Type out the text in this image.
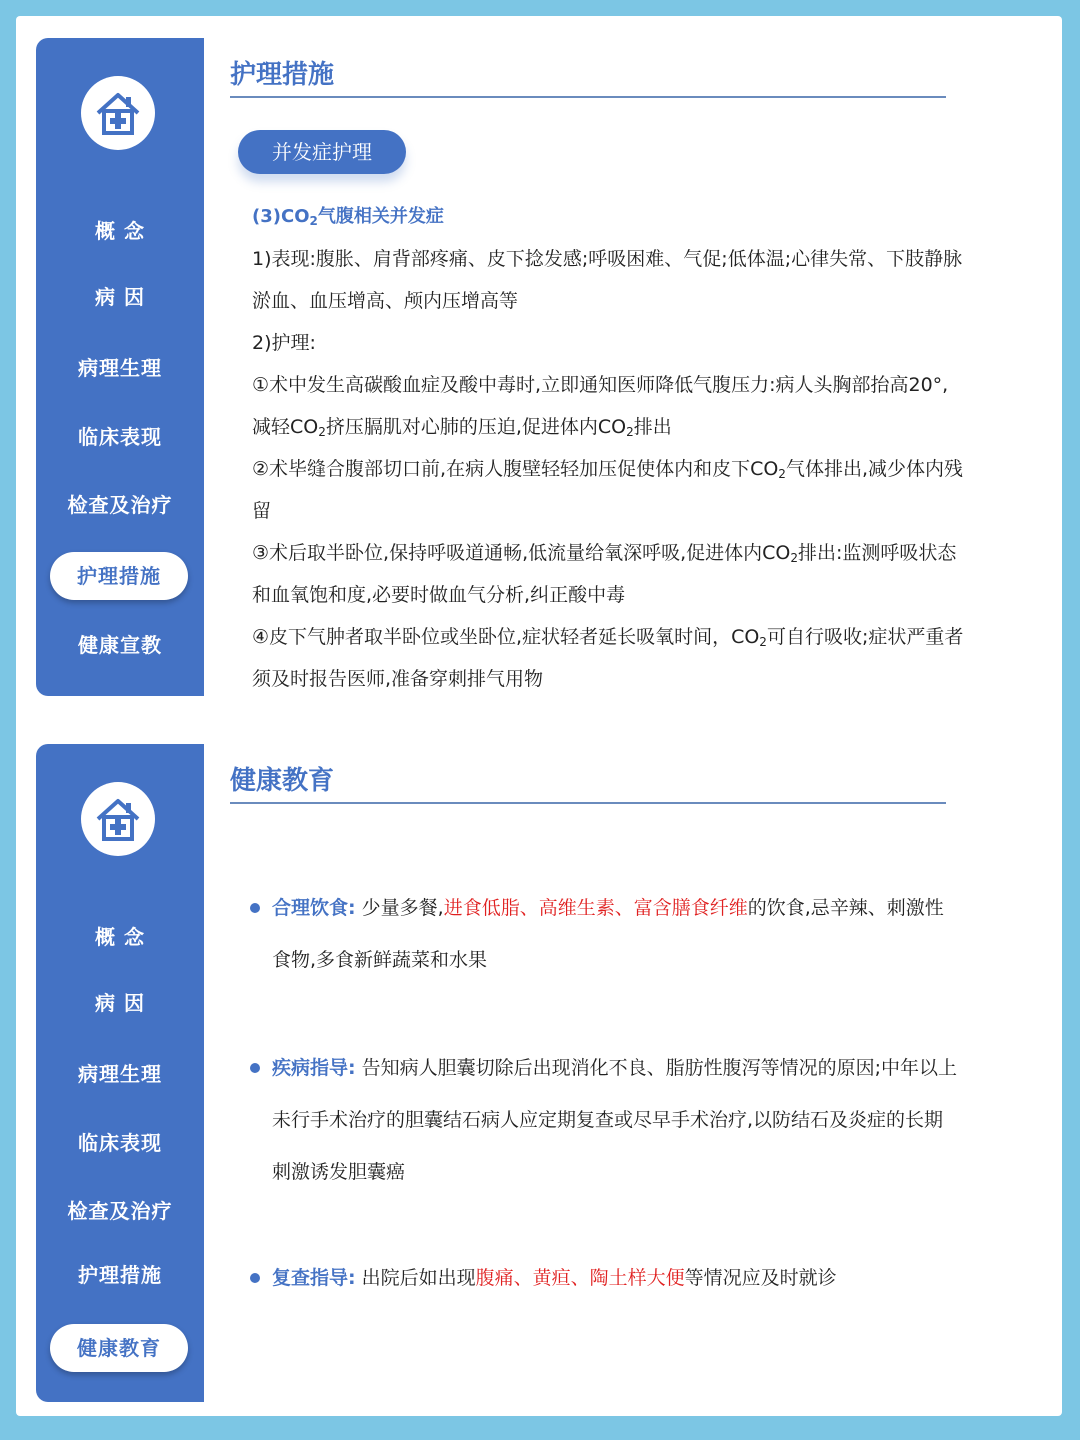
概 念
病 因
病理生理
临床表现
检查及治疗
护理措施
健康宣教
护理措施
并发症护理
$(3)CO_2$气腹相关并发症

1)表现:腹胀、肩背部疼痛、皮下捻发感;呼吸困难、气促;低体温;心律失常、下肢静脉淤血、血压增高、颅内压增高等

2)护理:

①术中发生高碳酸血症及酸中毒时,立即通知医师降低气腹压力:病人头胸部抬高20°,减轻$CO_2$挤压膈肌对心肺的压迫,促进体内$CO_2$排出

②术毕缝合腹部切口前,在病人腹壁轻轻加压促使体内和皮下$CO_2$气体排出,减少体内残留

③术后取半卧位,保持呼吸道通畅,低流量给氧深呼吸,促进体内$CO_2$排出:监测呼吸状态和血氧饱和度,必要时做血气分析,纠正酸中毒

④皮下气肿者取半卧位或坐卧位,症状轻者延长吸氧时间，$CO_2$可自行吸收;症状严重者须及时报告医师,准备穿刺排气用物

概 念
病 因
病理生理
临床表现
检查及治疗
护理措施
健康教育
健康教育
合理饮食: 少量多餐,进食低脂、高维生素、富含膳食纤维的饮食,忌辛辣、刺激性食物,多食新鲜蔬菜和水果
疾病指导: 告知病人胆囊切除后出现消化不良、脂肪性腹泻等情况的原因;中年以上未行手术治疗的胆囊结石病人应定期复查或尽早手术治疗,以防结石及炎症的长期刺激诱发胆囊癌
复查指导: 出院后如出现腹痛、黄疸、陶土样大便等情况应及时就诊
